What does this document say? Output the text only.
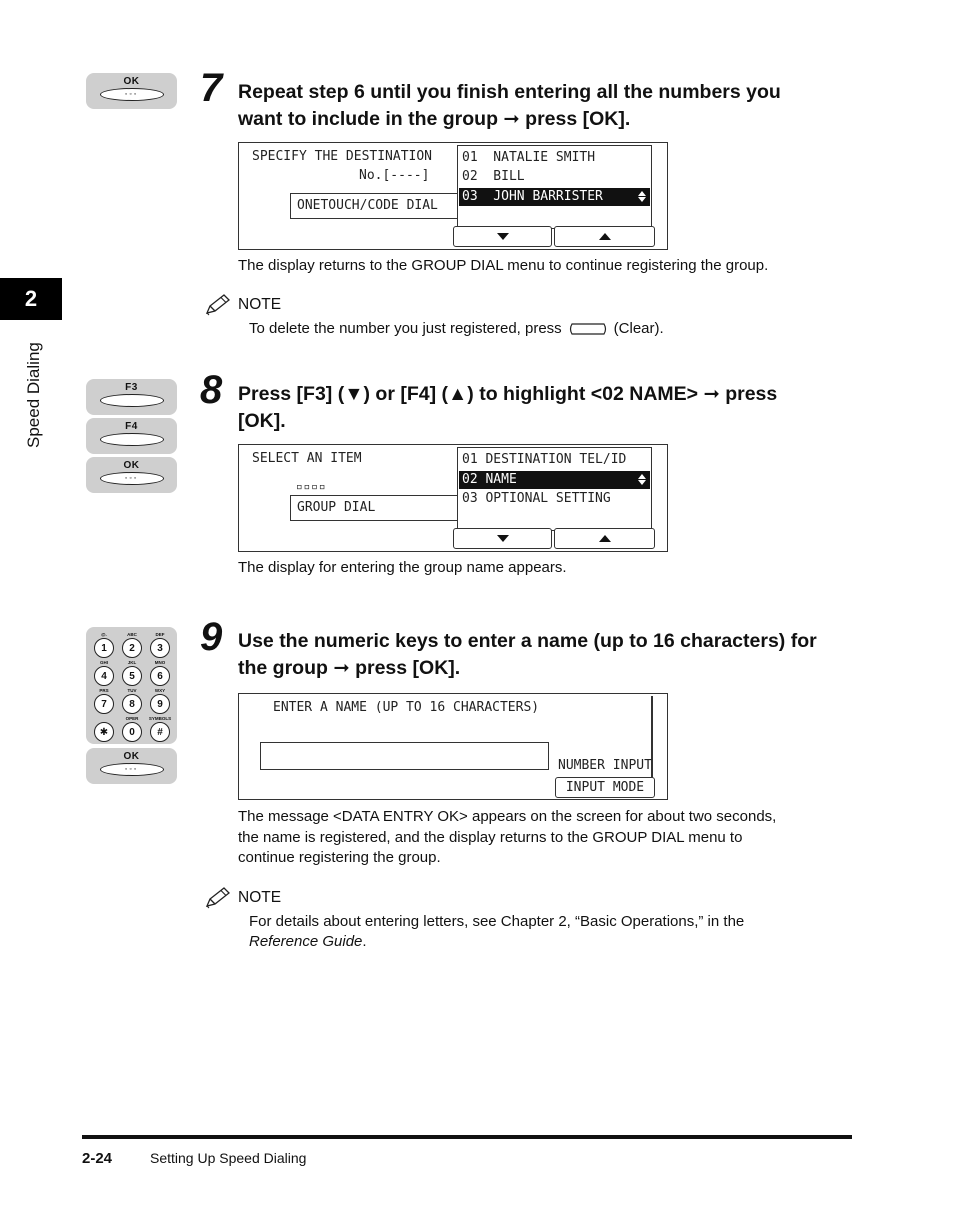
2
Speed Dialing
OK
◦◦◦	7 Repeat step 6 until you finish entering all the numbers you
want to include in the group ➞ press [OK].
SPECIFY THE DESTINATION
No.[----]
ONETOUCH/CODE DIAL
01  NATALIE SMITH
02  BILL
03  JOHN BARRISTER
The display returns to the GROUP DIAL menu to continue registering the group.
NOTE
To delete the number you just registered, press	(Clear).
F3
F4
OK
◦◦◦
8 Press [F3] (▼) or [F4] (▲) to highlight <02 NAME> ➞ press
[OK].
SELECT AN ITEM
▫▫▫▫
GROUP DIAL
01 DESTINATION TEL/ID
02 NAME
03 OPTIONAL SETTING
The display for entering the group name appears.
@.
1
ABC
2
DEF
3
GHI
4
JKL
5
MNO
6
PRS
7
TUV
8
WXY
9
✱
OPER
0
SYMBOLS
#
OK
◦◦◦
9 Use the numeric keys to enter a name (up to 16 characters) for
the group ➞ press [OK].
ENTER A NAME (UP TO 16 CHARACTERS)
NUMBER INPUT
INPUT MODE
The message <DATA ENTRY OK> appears on the screen for about two seconds,
the name is registered, and the display returns to the GROUP DIAL menu to
continue registering the group.
NOTE
For details about entering letters, see Chapter 2, “Basic Operations,” in the
Reference Guide.
2-24	Setting Up Speed Dialing
